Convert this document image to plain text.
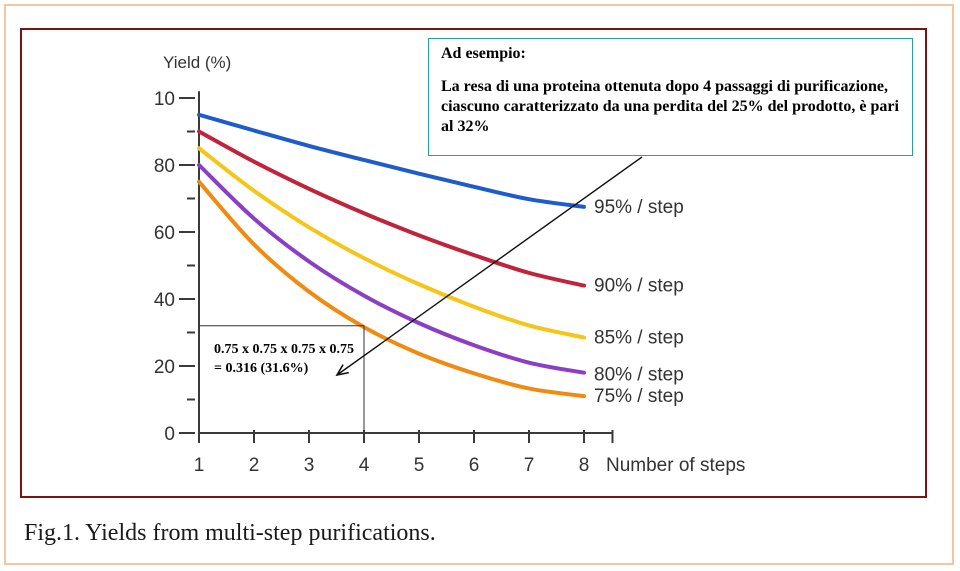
10
80
60
40
20
0
Yield (%)
1 2 3 4 5 6 7 8 Number of steps
95% / step
90% / step
85% / step
80% / step
75% / step
Ad esempio:
La resa di una proteina ottenuta dopo 4 passaggi di purificazione, ciascuno caratterizzato da una perdita del 25% del prodotto, è pari al 32%
0.75 x 0.75 x 0.75 x 0.75 = 0.316 (31.6%)
Fig.1. Yields from multi-step purifications.
